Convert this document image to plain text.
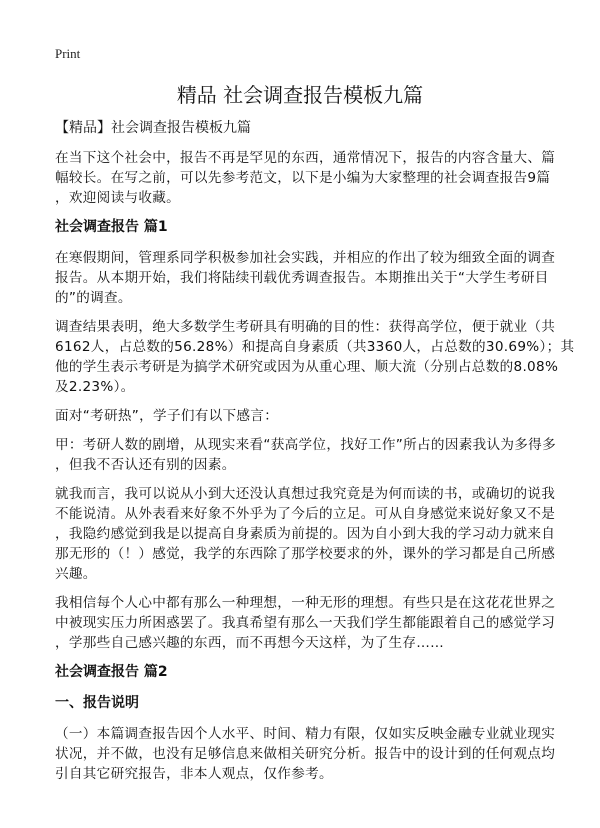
Print
精品 社会调查报告模板九篇
【精品】社会调查报告模板九篇
在当下这个社会中，报告不再是罕见的东西，通常情况下，报告的内容含量大、篇
幅较长。在写之前，可以先参考范文，以下是小编为大家整理的社会调查报告9篇
，欢迎阅读与收藏。
社会调查报告 篇1
在寒假期间，管理系同学积极参加社会实践，并相应的作出了较为细致全面的调查
报告。从本期开始，我们将陆续刊载优秀调查报告。本期推出关于“大学生考研目
的”的调查。
调查结果表明，绝大多数学生考研具有明确的目的性：获得高学位，便于就业（共
6162人，占总数的56.28%）和提高自身素质（共3360人，占总数的30.69%）；其
他的学生表示考研是为搞学术研究或因为从重心理、顺大流（分别占总数的8.08%
及2.23%）。
面对“考研热”，学子们有以下感言：
甲：考研人数的剧增，从现实来看“获高学位，找好工作”所占的因素我认为多得多
，但我不否认还有别的因素。
就我而言，我可以说从小到大还没认真想过我究竟是为何而读的书，或确切的说我
不能说清。从外表看来好象不外乎为了今后的立足。可从自身感觉来说好象又不是
，我隐约感觉到我是以提高自身素质为前提的。因为自小到大我的学习动力就来自
那无形的（！）感觉，我学的东西除了那学校要求的外，课外的学习都是自己所感
兴趣。
我相信每个人心中都有那么一种理想，一种无形的理想。有些只是在这花花世界之
中被现实压力所困惑罢了。我真希望有那么一天我们学生都能跟着自己的感觉学习
，学那些自己感兴趣的东西，而不再想今天这样，为了生存……
社会调查报告 篇2
一、报告说明
（一）本篇调查报告因个人水平、时间、精力有限，仅如实反映金融专业就业现实
状况，并不做，也没有足够信息来做相关研究分析。报告中的设计到的任何观点均
引自其它研究报告，非本人观点，仅作参考。
